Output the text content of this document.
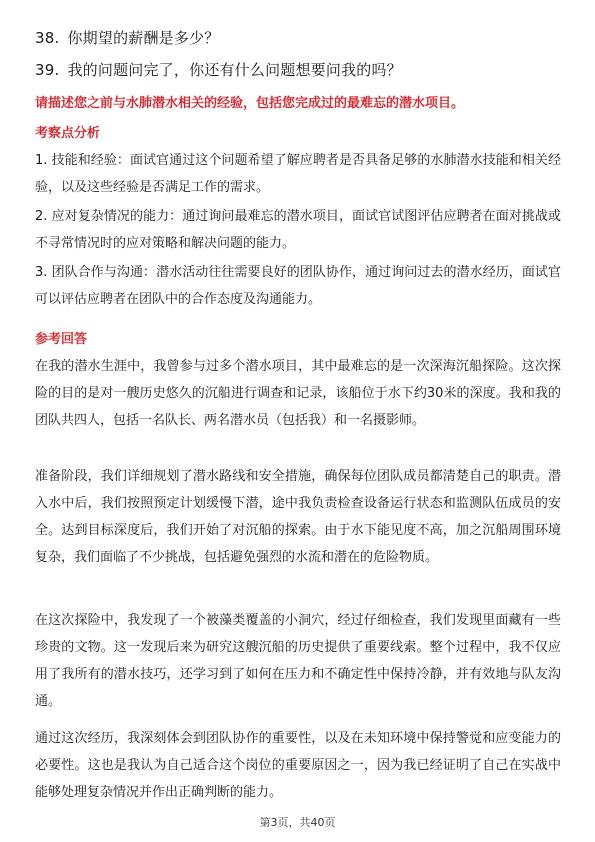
38. 你期望的薪酬是多少？
39. 我的问题问完了，你还有什么问题想要问我的吗？
请描述您之前与水肺潜水相关的经验，包括您完成过的最难忘的潜水项目。
考察点分析
1. 技能和经验：面试官通过这个问题希望了解应聘者是否具备足够的水肺潜水技能和相关经验，以及这些经验是否满足工作的需求。
2. 应对复杂情况的能力：通过询问最难忘的潜水项目，面试官试图评估应聘者在面对挑战或不寻常情况时的应对策略和解决问题的能力。
3. 团队合作与沟通：潜水活动往往需要良好的团队协作，通过询问过去的潜水经历，面试官可以评估应聘者在团队中的合作态度及沟通能力。
参考回答
在我的潜水生涯中，我曾参与过多个潜水项目，其中最难忘的是一次深海沉船探险。这次探险的目的是对一艘历史悠久的沉船进行调查和记录，该船位于水下约30米的深度。我和我的团队共四人，包括一名队长、两名潜水员（包括我）和一名摄影师。
准备阶段，我们详细规划了潜水路线和安全措施，确保每位团队成员都清楚自己的职责。潜入水中后，我们按照预定计划缓慢下潜，途中我负责检查设备运行状态和监测队伍成员的安全。达到目标深度后，我们开始了对沉船的探索。由于水下能见度不高，加之沉船周围环境复杂，我们面临了不少挑战，包括避免强烈的水流和潜在的危险物质。
在这次探险中，我发现了一个被藻类覆盖的小洞穴，经过仔细检查，我们发现里面藏有一些珍贵的文物。这一发现后来为研究这艘沉船的历史提供了重要线索。整个过程中，我不仅应用了我所有的潜水技巧，还学习到了如何在压力和不确定性中保持冷静，并有效地与队友沟通。
通过这次经历，我深刻体会到团队协作的重要性，以及在未知环境中保持警觉和应变能力的必要性。这也是我认为自己适合这个岗位的重要原因之一，因为我已经证明了自己在实战中能够处理复杂情况并作出正确判断的能力。
第3页，共40页
